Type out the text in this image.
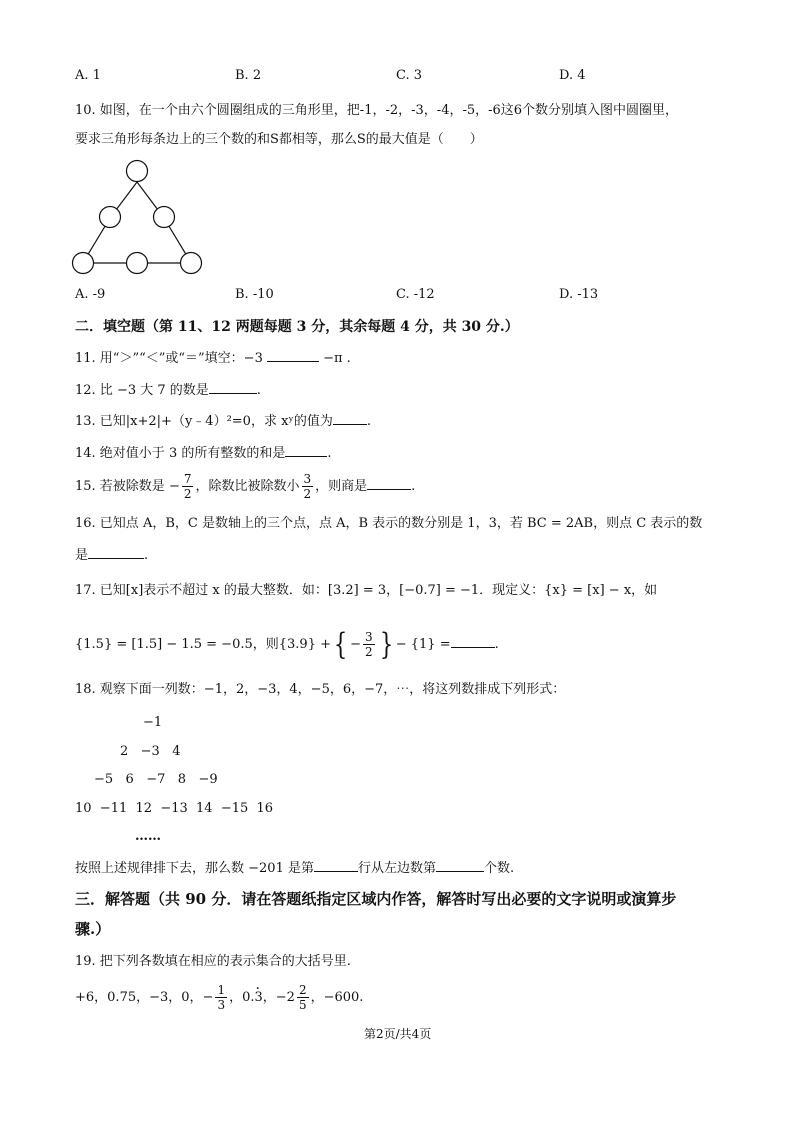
A. 1	B. 2	C. 3	D. 4
10. 如图，在一个由六个圆圈组成的三角形里，把-1，-2，-3，-4，-5，-6这6个数分别填入图中圆圈里，
要求三角形每条边上的三个数的和S都相等，那么S的最大值是（　　）
A. -9	B. -10	C. -12	D. -13
二．填空题（第 11、12 两题每题 3 分，其余每题 4 分，共 30 分.）
11. 用“＞”“＜”或“＝”填空：−3	−π .
12. 比 −3 大 7 的数是	.
13. 已知|x+2|+（y﹣4）²=0，求 xʸ的值为	.
14. 绝对值小于 3 的所有整数的和是	.
15. 若被除数是 − $\frac{7}{2}$ ，除数比被除数小 $\frac{3}{2}$ ，则商是	.
16. 已知点 A，B，C 是数轴上的三个点，点 A，B 表示的数分别是 1，3，若 BC = 2AB，则点 C 表示的数
是	.
17. 已知[x]表示不超过 x 的最大整数．如：[3.2] = 3，[−0.7] = −1．现定义：{x} = [x] − x，如
{1.5} = [1.5] − 1.5 = −0.5，则{3.9} +{ − $\frac{3}{2}$ } − {1} =	.
18. 观察下面一列数：−1，2，−3，4，−5，6，−7，⋯，将这列数排成下列形式：
−1
2   −3   4
−5   6   −7   8   −9
10  −11  12  −13  14  −15  16
……
按照上述规律排下去，那么数 −201 是第	行从左边数第	个数.
三．解答题（共 90 分．请在答题纸指定区域内作答，解答时写出必要的文字说明或演算步
骤.）
19. 把下列各数填在相应的表示集合的大括号里.
+6，0.75，−3，0，− $\frac{1}{3}$ ，0.· 3，$-2 \frac{2}{5}$ ，−600.
第2页/共4页
